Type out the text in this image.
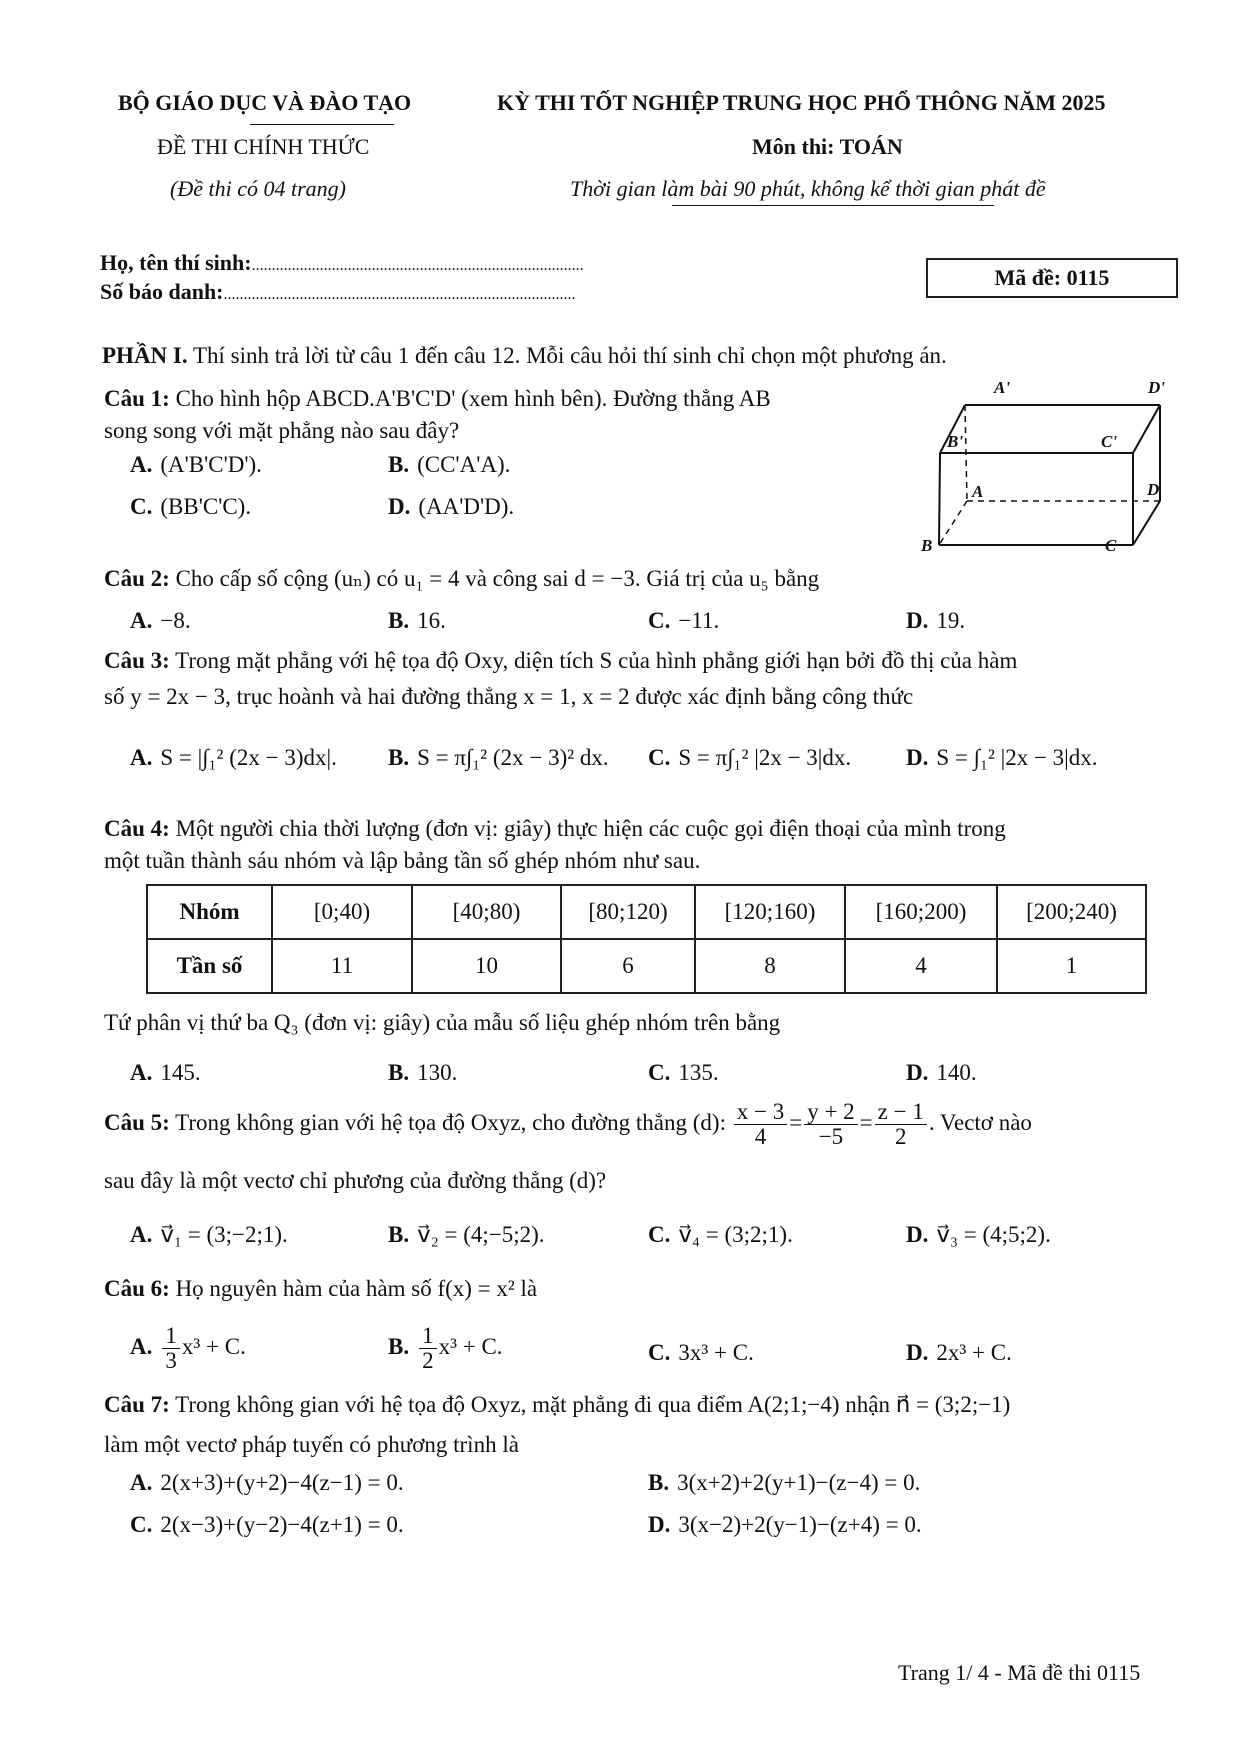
BỘ GIÁO DỤC VÀ ĐÀO TẠO
ĐỀ THI CHÍNH THỨC
(Đề thi có 04 trang)
KỲ THI TỐT NGHIỆP TRUNG HỌC PHỔ THÔNG NĂM 2025
Môn thi: TOÁN
Thời gian làm bài 90 phút, không kể thời gian phát đề
Họ, tên thí sinh:...................................................................................
Số báo danh:........................................................................................
Mã đề: 0115
PHẦN I. Thí sinh trả lời từ câu 1 đến câu 12. Mỗi câu hỏi thí sinh chỉ chọn một phương án.
Câu 1: Cho hình hộp ABCD.A'B'C'D' (xem hình bên). Đường thẳng AB
song song với mặt phẳng nào sau đây?
A. (A'B'C'D').	B. (CC'A'A).
C. (BB'C'C).	D. (AA'D'D).
A'	D'
B'	C'
A	D
B	C
Câu 2: Cho cấp số cộng (uₙ) có u₁ = 4 và công sai d = −3. Giá trị của u₅ bằng
A. −8.	B. 16.	C. −11.	D. 19.
Câu 3: Trong mặt phẳng với hệ tọa độ Oxy, diện tích S của hình phẳng giới hạn bởi đồ thị của hàm
số y = 2x − 3, trục hoành và hai đường thẳng x = 1, x = 2 được xác định bằng công thức
A. S = |∫₁² (2x − 3)dx|. B. S = π∫₁² (2x − 3)² dx. C. S = π∫₁² |2x − 3|dx. D. S = ∫₁² |2x − 3|dx.
Câu 4: Một người chia thời lượng (đơn vị: giây) thực hiện các cuộc gọi điện thoại của mình trong
một tuần thành sáu nhóm và lập bảng tần số ghép nhóm như sau.
Nhóm	[0;40)	[40;80)	[80;120)	[120;160)	[160;200)	[200;240)
Tần số	11	10	6	8	4	1
Tứ phân vị thứ ba Q₃ (đơn vị: giây) của mẫu số liệu ghép nhóm trên bằng
A. 145.	B. 130.	C. 135.	D. 140.
Câu 5: Trong không gian với hệ tọa độ Oxyz, cho đường thẳng (d): $\frac{x - 3}{4} = \frac{y + 2}{-5} = \frac{z - 1}{2}$ . Vectơ nào
sau đây là một vectơ chỉ phương của đường thẳng (d)?
A. v⃗₁ = (3;−2;1).	B. v⃗₂ = (4;−5;2).	C. v⃗₄ = (3;2;1).	D. v⃗₃ = (4;5;2).
Câu 6: Họ nguyên hàm của hàm số f(x) = x² là
A. $\frac{1}{3} x^3 + C$.	B. $\frac{1}{2} x^3 + C$.	C. 3x³ + C.	D. 2x³ + C.
Câu 7: Trong không gian với hệ tọa độ Oxyz, mặt phẳng đi qua điểm A(2;1;−4) nhận n⃗ = (3;2;−1)
làm một vectơ pháp tuyến có phương trình là
A. 2(x+3)+(y+2)−4(z−1) = 0.	B. 3(x+2)+2(y+1)−(z−4) = 0.
C. 2(x−3)+(y−2)−4(z+1) = 0.	D. 3(x−2)+2(y−1)−(z+4) = 0.
Trang 1/ 4 - Mã đề thi 0115
